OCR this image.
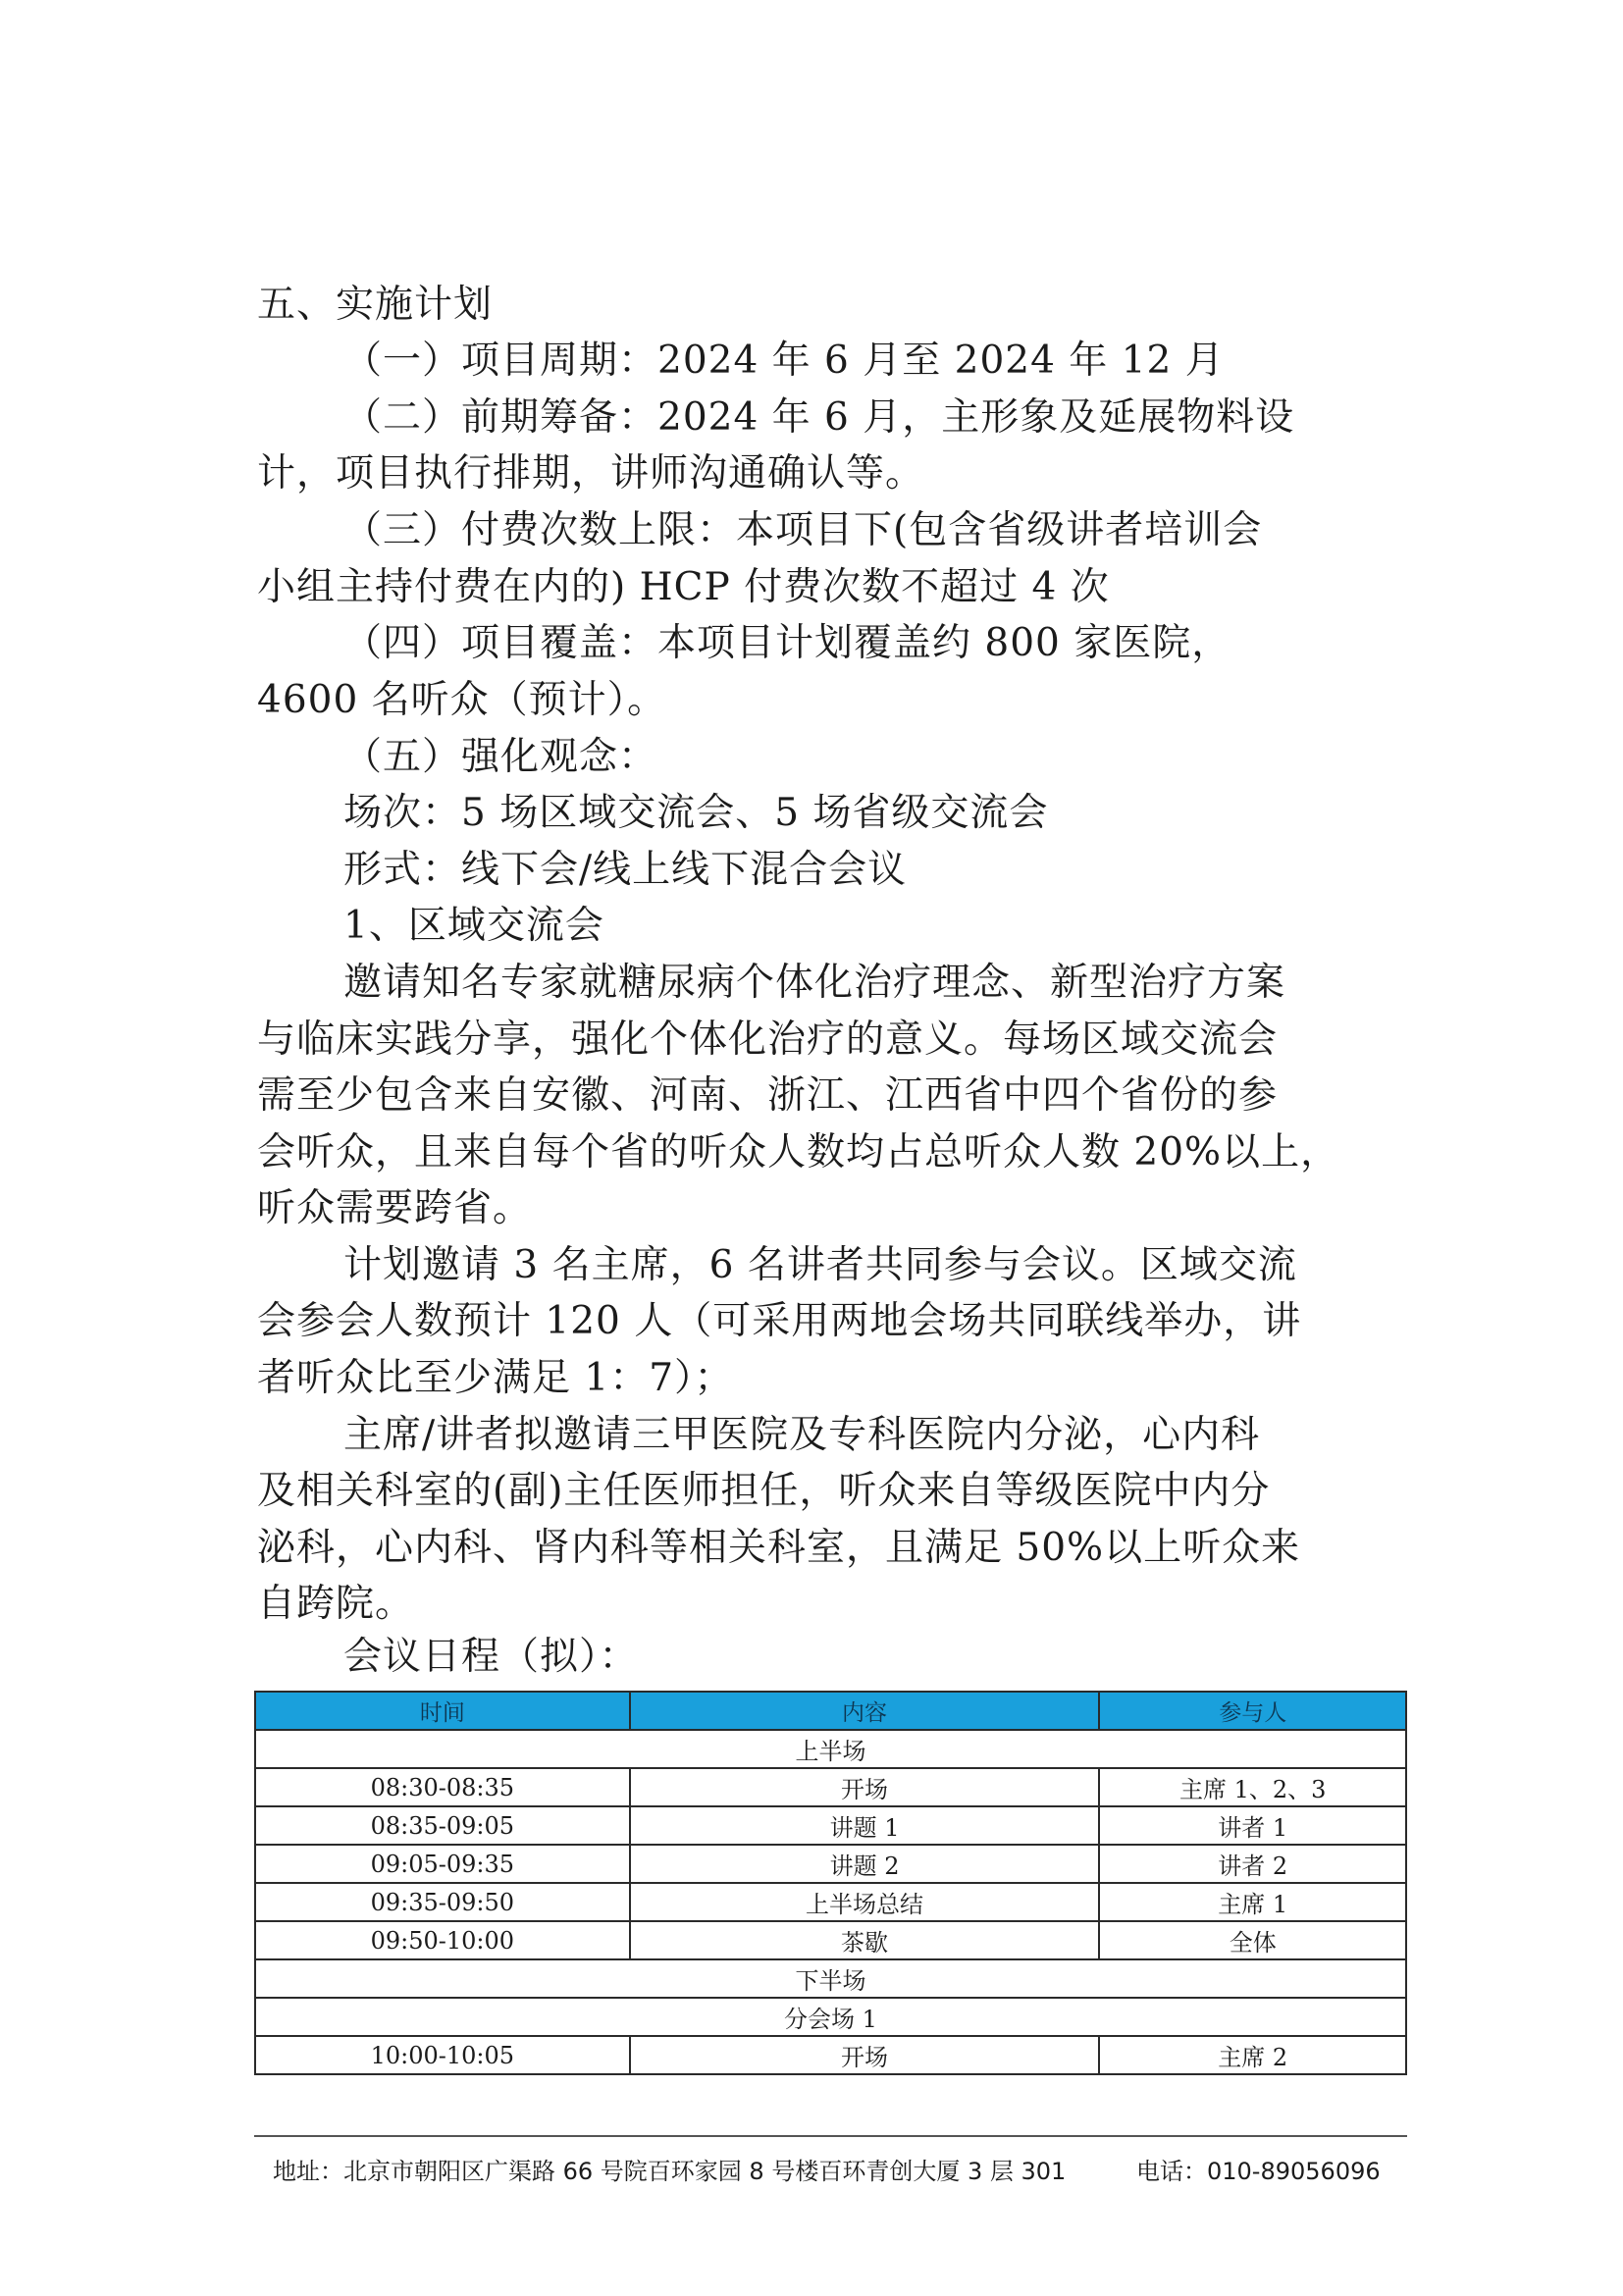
五、实施计划
（一）项目周期：2024 年 6 月至 2024 年 12 月
（二）前期筹备：2024 年 6 月，主形象及延展物料设
计，项目执行排期，讲师沟通确认等。
（三）付费次数上限：本项目下(包含省级讲者培训会
小组主持付费在内的) HCP 付费次数不超过 4 次
（四）项目覆盖：本项目计划覆盖约 800 家医院，
4600 名听众（预计）。
（五）强化观念：
场次：5 场区域交流会、5 场省级交流会
形式：线下会/线上线下混合会议
1、区域交流会
邀请知名专家就糖尿病个体化治疗理念、新型治疗方案
与临床实践分享，强化个体化治疗的意义。每场区域交流会
需至少包含来自安徽、河南、浙江、江西省中四个省份的参
会听众，且来自每个省的听众人数均占总听众人数 20%以上，
听众需要跨省。
计划邀请 3 名主席，6 名讲者共同参与会议。区域交流
会参会人数预计 120 人（可采用两地会场共同联线举办，讲
者听众比至少满足 1：7）；
主席/讲者拟邀请三甲医院及专科医院内分泌，心内科
及相关科室的(副)主任医师担任，听众来自等级医院中内分
泌科，心内科、肾内科等相关科室，且满足 50%以上听众来
自跨院。
会议日程（拟）：
时间	内容	参与人
上半场		
08:30-08:35	开场	主席 1、2、3
08:35-09:05	讲题 1	讲者 1
09:05-09:35	讲题 2	讲者 2
09:35-09:50	上半场总结	主席 1
09:50-10:00	茶歇	全体
下半场		
分会场 1		
10:00-10:05	开场	主席 2
地址：北京市朝阳区广渠路 66 号院百环家园 8 号楼百环青创大厦 3 层 301	电话：010-89056096
